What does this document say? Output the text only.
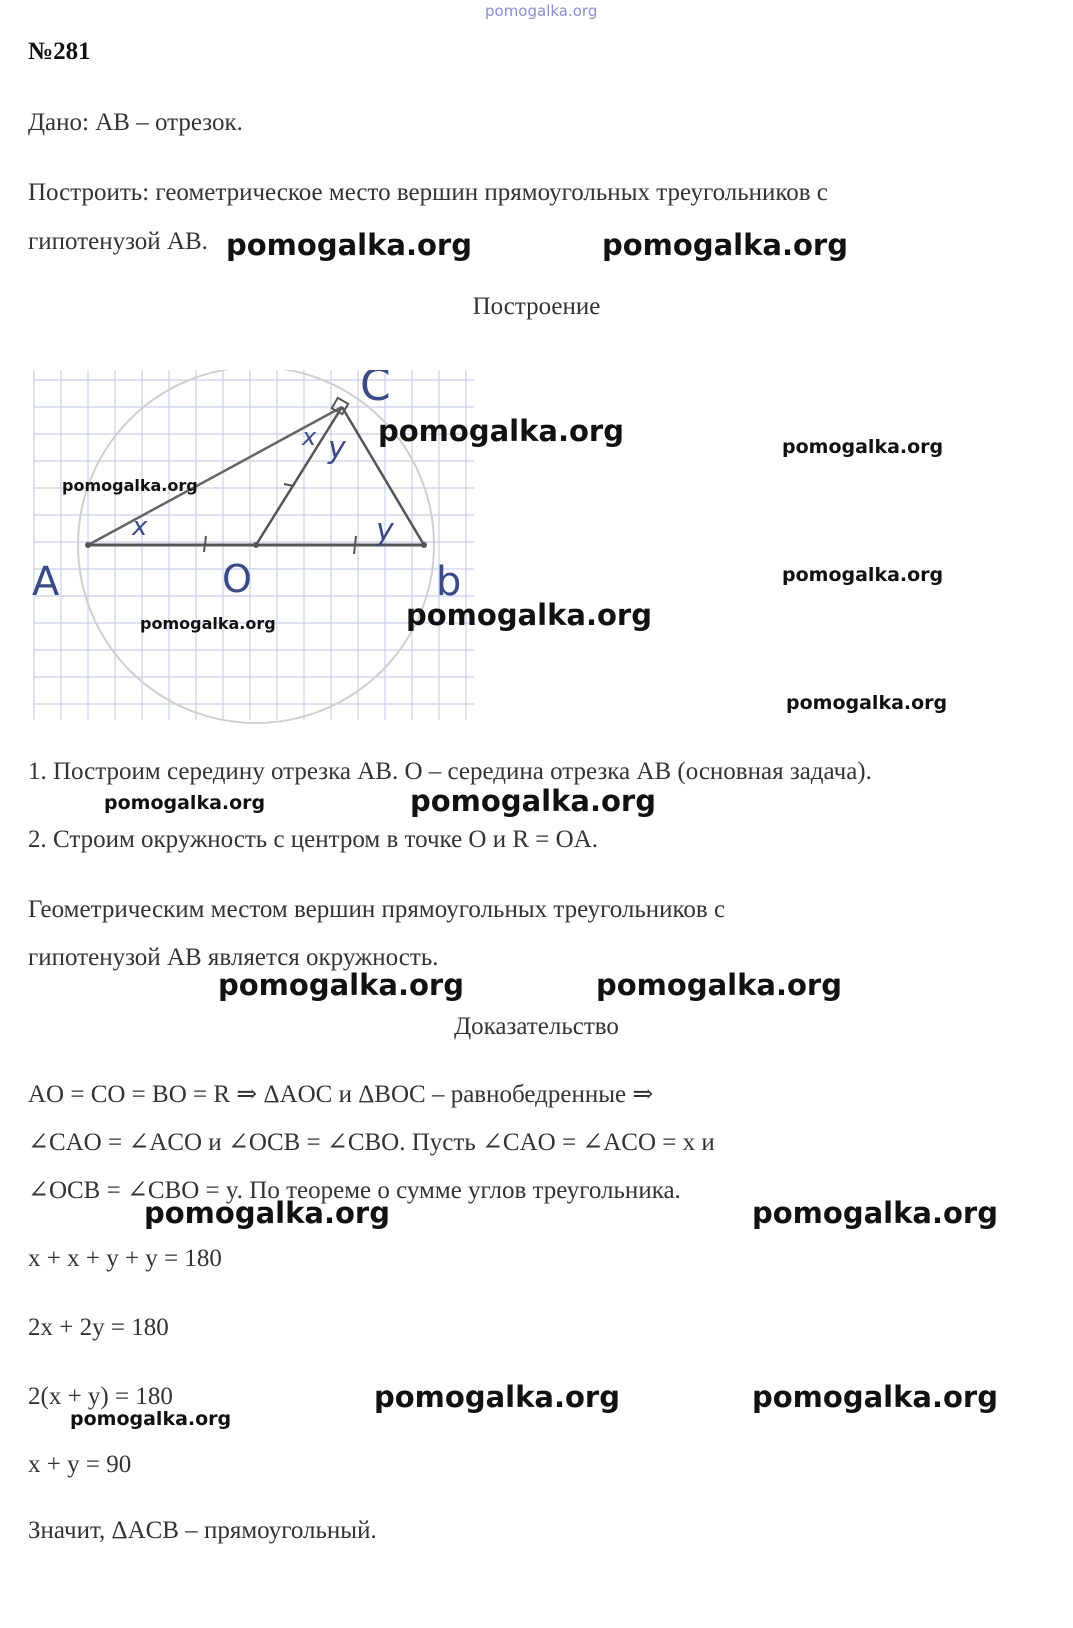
pomogalka.org
№281
Дано: AB – отрезок.
Построить: геометрическое место вершин прямоугольных треугольников с
гипотенузой AB.
Построение
A	O	b
C
x
x y
y
1. Построим середину отрезка AB. O – середина отрезка AB (основная задача).
2. Строим окружность с центром в точке O и R = OA.
Геометрическим местом вершин прямоугольных треугольников с
гипотенузой AB является окружность.
Доказательство
AO = CO = BO = R ⇒ ΔAOC и ΔBOC – равнобедренные ⇒
∠CAO = ∠ACO и ∠OCB = ∠CBO. Пусть ∠CAO = ∠ACO = x и
∠OCB = ∠CBO = y. По теореме о сумме углов треугольника.
x + x + y + y = 180
2x + 2y = 180
2(x + y) = 180
x + y = 90
Значит, ΔACB – прямоугольный.
pomogalka.org	pomogalka.org
pomogalka.org	pomogalka.org
pomogalka.org
pomogalka.org
pomogalka.org
pomogalka.org
pomogalka.org
pomogalka.org
pomogalka.org
pomogalka.org	pomogalka.org
pomogalka.org	pomogalka.org
pomogalka.org	pomogalka.org
pomogalka.org
